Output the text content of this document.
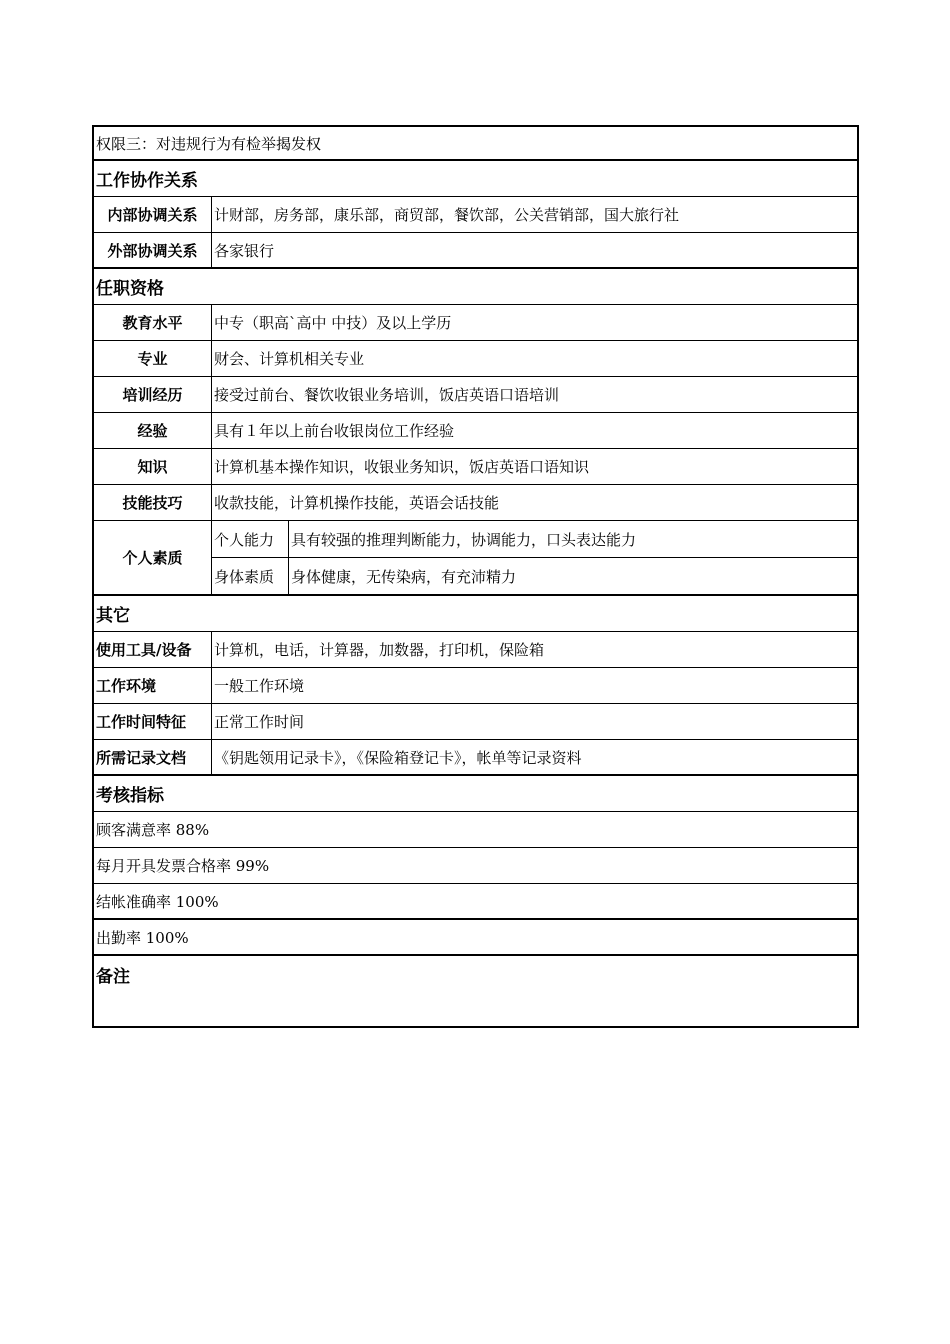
权限三：对违规行为有检举揭发权
工作协作关系
内部协调关系	计财部，房务部，康乐部，商贸部，餐饮部，公关营销部，国大旅行社
外部协调关系	各家银行
任职资格
教育水平	中专（职高`高中 中技）及以上学历
专业	财会、计算机相关专业
培训经历	接受过前台、餐饮收银业务培训，饭店英语口语培训
经验	具有１年以上前台收银岗位工作经验
知识	计算机基本操作知识，收银业务知识，饭店英语口语知识
技能技巧	收款技能，计算机操作技能，英语会话技能
个人素质
个人能力	具有较强的推理判断能力，协调能力，口头表达能力
身体素质	身体健康，无传染病，有充沛精力
其它
使用工具/设备	计算机，电话，计算器，加数器，打印机，保险箱
工作环境	一般工作环境
工作时间特征	正常工作时间
所需记录文档	《钥匙领用记录卡》，《保险箱登记卡》，帐单等记录资料
考核指标
顾客满意率 88%
每月开具发票合格率 99%
结帐准确率 100%
出勤率 100%
备注
